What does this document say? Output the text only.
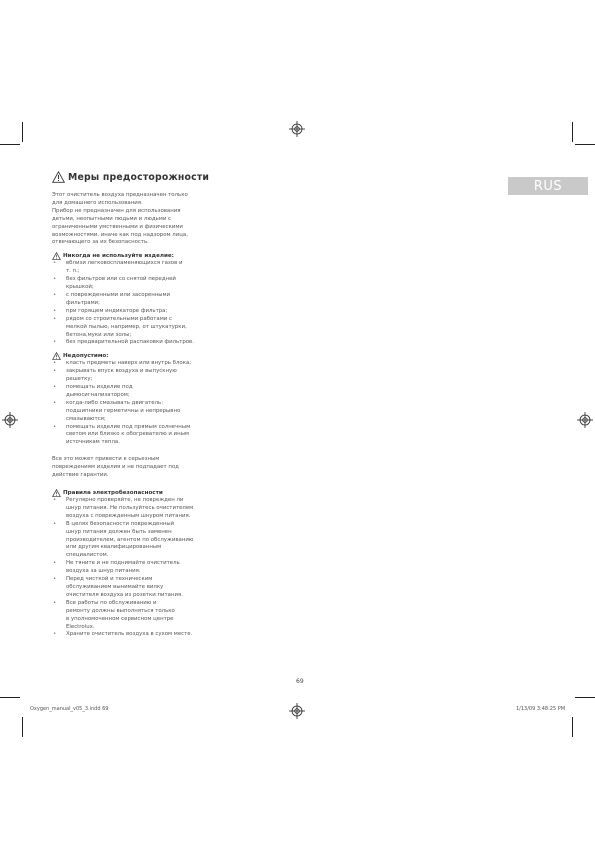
RUS
Меры предосторожности

Этот очиститель воздуха предназначен только
для домашнего использования.
Прибор не предназначен для использования
детьми, неопытными людьми и людьми с
ограниченными умственными и физическими
возможностями, иначе как под надзором лица,
отвечающего за их безопасность.

Никогда не используйте изделие:
• вблизи легковоспламеняющихся газов и
т. п.;
• без фильтров или со снятой передней
крышкой;
• с поврежденными или засоренными
фильтрами;
• при горящем индикаторе фильтра;
• рядом со строительными работами с
мелкой пылью, например, от штукатурки,
бетона,муки или золы;
• без предварительной распаковки фильтров.
Недопустимо:
• класть предметы наверх или внутрь блока;
• закрывать впуск воздуха и выпускную
решетку;
• помещать изделие под
дымосигнализатором;
• когда-либо смазывать двигатель:
подшипники герметичны и непрерывно
смазываются;
• помещать изделие под прямым солнечным
светом или близко к обогревателю и иным
источникам тепла.

Все это может привести к серьезным
повреждениям изделия и не подпадает под
действие гарантии.

Правила электробезопасности
• Регулярно проверяйте, не поврежден ли
шнур питания. Не пользуйтесь очистителем
воздуха с поврежденным шнуром питания.
• В целях безопасности поврежденный
шнур питания должен быть заменен
производителем, агентом по обслуживанию
или другим квалифицированным
специалистом.
• Не тяните и не поднимайте очиститель
воздуха за шнур питания.
• Перед чисткой и техническим
обслуживанием вынимайте вилку
очистителя воздуха из розетки питания.
• Все работы по обслуживанию и
ремонту должны выполняться только
в уполномоченном сервисном центре
Electrolux.
• Храните очиститель воздуха в сухом месте.
69
Oxygen_manual_v05_3.indd 69	1/13/09 3:48:25 PM
